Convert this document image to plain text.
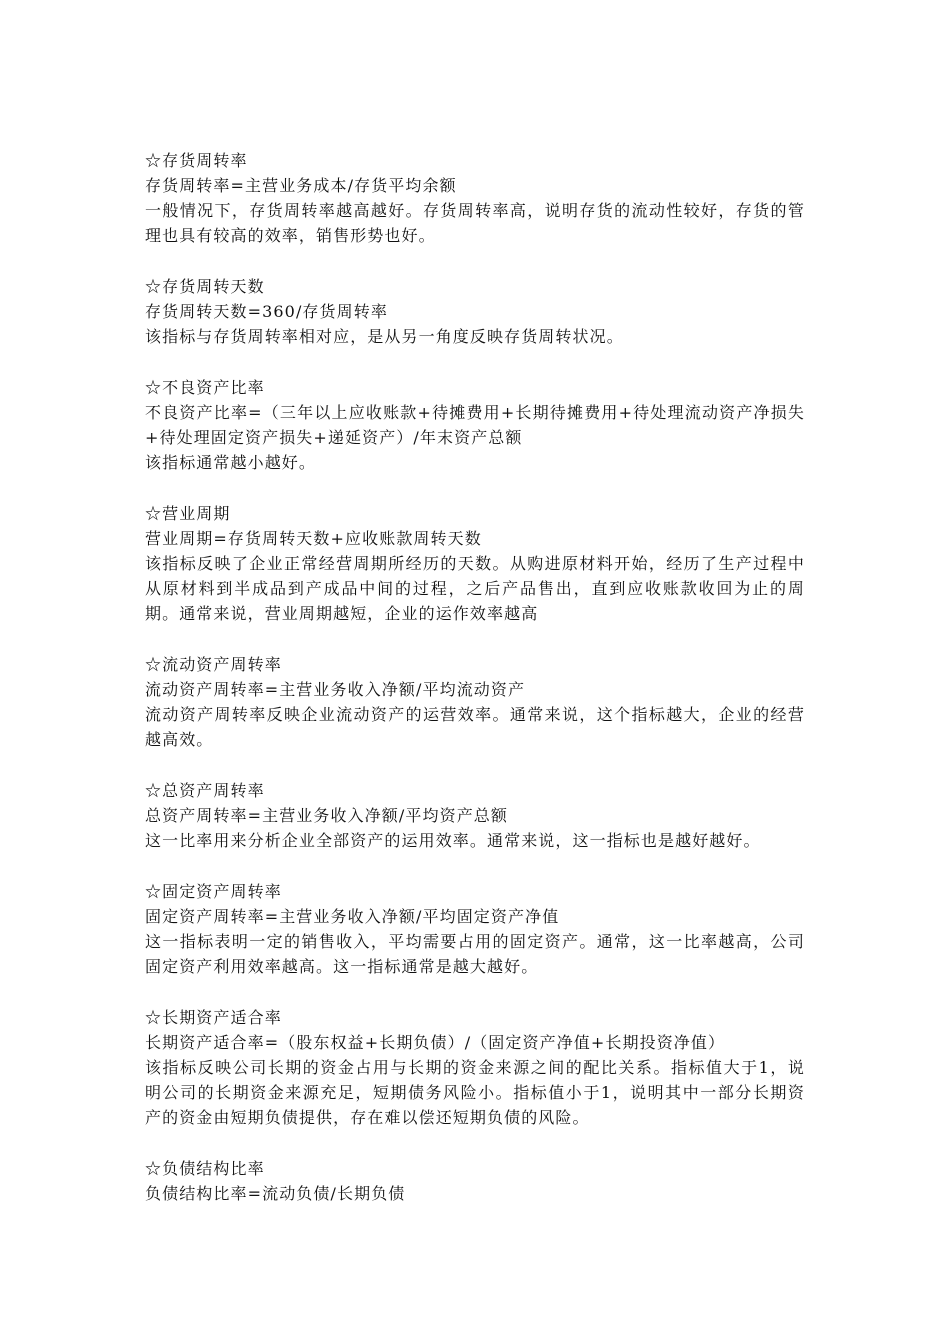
☆存货周转率
存货周转率=主营业务成本/存货平均余额
一般情况下，存货周转率越高越好。存货周转率高，说明存货的流动性较好，存货的管理也具有较高的效率，销售形势也好。
☆存货周转天数
存货周转天数=360/存货周转率
该指标与存货周转率相对应，是从另一角度反映存货周转状况。
☆不良资产比率
不良资产比率=（三年以上应收账款+待摊费用+长期待摊费用+待处理流动资产净损失+待处理固定资产损失+递延资产）/年末资产总额
该指标通常越小越好。
☆营业周期
营业周期=存货周转天数+应收账款周转天数
该指标反映了企业正常经营周期所经历的天数。从购进原材料开始，经历了生产过程中从原材料到半成品到产成品中间的过程，之后产品售出，直到应收账款收回为止的周期。通常来说，营业周期越短，企业的运作效率越高
☆流动资产周转率
流动资产周转率=主营业务收入净额/平均流动资产
流动资产周转率反映企业流动资产的运营效率。通常来说，这个指标越大，企业的经营越高效。
☆总资产周转率
总资产周转率=主营业务收入净额/平均资产总额
这一比率用来分析企业全部资产的运用效率。通常来说，这一指标也是越好越好。
☆固定资产周转率
固定资产周转率=主营业务收入净额/平均固定资产净值
这一指标表明一定的销售收入，平均需要占用的固定资产。通常，这一比率越高，公司固定资产利用效率越高。这一指标通常是越大越好。
☆长期资产适合率
长期资产适合率=（股东权益+长期负债）/（固定资产净值+长期投资净值）
该指标反映公司长期的资金占用与长期的资金来源之间的配比关系。指标值大于1，说明公司的长期资金来源充足，短期债务风险小。指标值小于1，说明其中一部分长期资产的资金由短期负债提供，存在难以偿还短期负债的风险。
☆负债结构比率
负债结构比率=流动负债/长期负债
